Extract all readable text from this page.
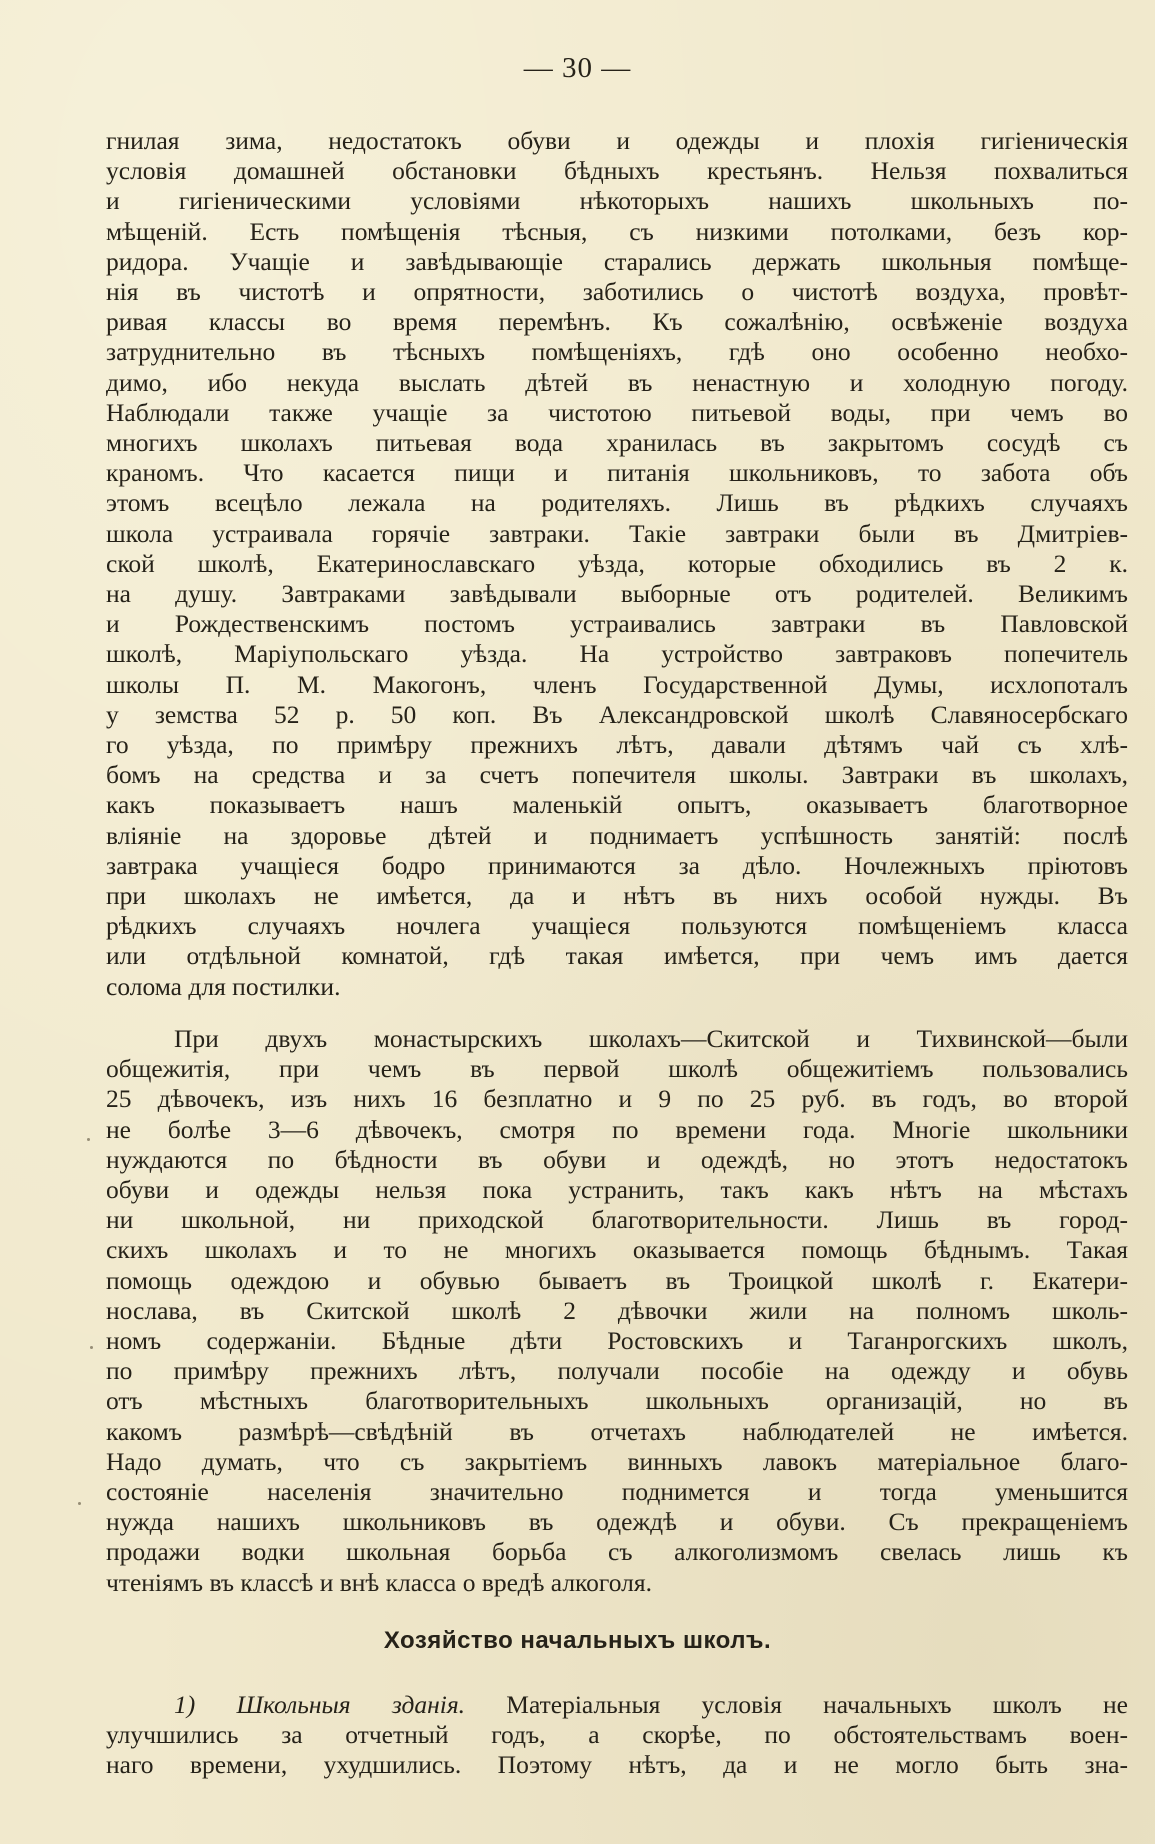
— 30 —
гнилая зима, недостатокъ обуви и одежды и плохія гигіеническія
условія домашней обстановки бѣдныхъ крестьянъ. Нельзя похвалиться
и гигіеническими условіями нѣкоторыхъ нашихъ школьныхъ по-
мѣщеній. Есть помѣщенія тѣсныя, съ низкими потолками, безъ кор-
ридора. Учащіе и завѣдывающіе старались держать школьныя помѣще-
нія въ чистотѣ и опрятности, заботились о чистотѣ воздуха, провѣт-
ривая классы во время перемѣнъ. Къ сожалѣнію, освѣженіе воздуха
затруднительно въ тѣсныхъ помѣщеніяхъ, гдѣ оно особенно необхо-
димо, ибо некуда выслать дѣтей въ ненастную и холодную погоду.
Наблюдали также учащіе за чистотою питьевой воды, при чемъ во
многихъ школахъ питьевая вода хранилась въ закрытомъ сосудѣ съ
краномъ. Что касается пищи и питанія школьниковъ, то забота объ
этомъ всецѣло лежала на родителяхъ. Лишь въ рѣдкихъ случаяхъ
школа устраивала горячіе завтраки. Такіе завтраки были въ Дмитріев-
ской школѣ, Екатеринославскаго уѣзда, которые обходились въ 2 к.
на душу. Завтраками завѣдывали выборные отъ родителей. Великимъ
и Рождественскимъ постомъ устраивались завтраки въ Павловской
школѣ, Маріупольскаго уѣзда. На устройство завтраковъ попечитель
школы П. М. Макогонъ, членъ Государственной Думы, исхлопоталъ
у земства 52 р. 50 коп. Въ Александровской школѣ Славяносербскаго
го уѣзда, по примѣру прежнихъ лѣтъ, давали дѣтямъ чай съ хлѣ-
бомъ на средства и за счетъ попечителя школы. Завтраки въ школахъ,
какъ показываетъ нашъ маленькій опытъ, оказываетъ благотворное
вліяніе на здоровье дѣтей и поднимаетъ успѣшность занятій: послѣ
завтрака учащіеся бодро принимаются за дѣло. Ночлежныхъ пріютовъ
при школахъ не имѣется, да и нѣтъ въ нихъ особой нужды. Въ
рѣдкихъ случаяхъ ночлега учащіеся пользуются помѣщеніемъ класса
или отдѣльной комнатой, гдѣ такая имѣется, при чемъ имъ дается
солома для постилки.
При двухъ монастырскихъ школахъ—Скитской и Тихвинской—были
общежитія, при чемъ въ первой школѣ общежитіемъ пользовались
25 дѣвочекъ, изъ нихъ 16 безплатно и 9 по 25 руб. въ годъ, во второй
не болѣе 3—6 дѣвочекъ, смотря по времени года. Многіе школьники
нуждаются по бѣдности въ обуви и одеждѣ, но этотъ недостатокъ
обуви и одежды нельзя пока устранить, такъ какъ нѣтъ на мѣстахъ
ни школьной, ни приходской благотворительности. Лишь въ город-
скихъ школахъ и то не многихъ оказывается помощь бѣднымъ. Такая
помощь одеждою и обувью бываетъ въ Троицкой школѣ г. Екатери-
нослава, въ Скитской школѣ 2 дѣвочки жили на полномъ школь-
номъ содержаніи. Бѣдные дѣти Ростовскихъ и Таганрогскихъ школъ,
по примѣру прежнихъ лѣтъ, получали пособіе на одежду и обувь
отъ мѣстныхъ благотворительныхъ школьныхъ организацій, но въ
какомъ размѣрѣ—свѣдѣній въ отчетахъ наблюдателей не имѣется.
Надо думать, что съ закрытіемъ винныхъ лавокъ матеріальное благо-
состояніе населенія значительно поднимется и тогда уменьшится
нужда нашихъ школьниковъ въ одеждѣ и обуви. Съ прекращеніемъ
продажи водки школьная борьба съ алкоголизмомъ свелась лишь къ
чтеніямъ въ классѣ и внѣ класса о вредѣ алкоголя.
Хозяйство начальныхъ школъ.
1) Школьныя зданія. Матеріальныя условія начальныхъ школъ не
улучшились за отчетный годъ, а скорѣе, по обстоятельствамъ воен-
наго времени, ухудшились. Поэтому нѣтъ, да и не могло быть зна-
